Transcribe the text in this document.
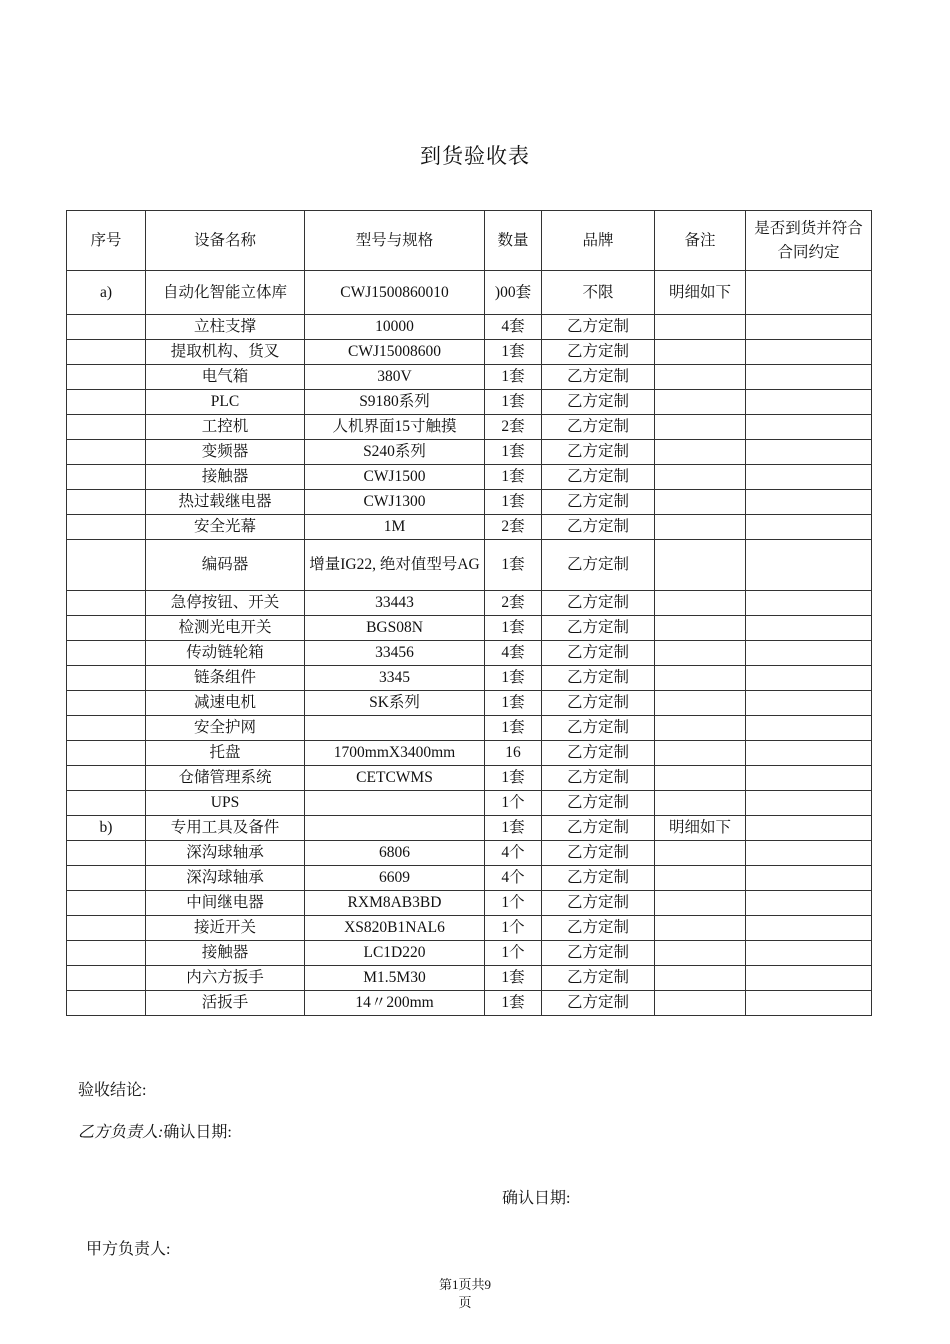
到货验收表
序号	设备名称	型号与规格	数量	品牌	备注	是否到货并符合合同约定
a)	自动化智能立体库	CWJ1500860010	)00套	不限	明细如下	
	立柱支撑	10000	4套	乙方定制		
	提取机构、货叉	CWJ15008600	1套	乙方定制		
	电气箱	380V	1套	乙方定制		
	PLC	S9180系列	1套	乙方定制		
	工控机	人机界面15寸触摸	2套	乙方定制		
	变频器	S240系列	1套	乙方定制		
	接触器	CWJ1500	1套	乙方定制		
	热过载继电器	CWJ1300	1套	乙方定制		
	安全光幕	1M	2套	乙方定制		
	编码器	增量IG22, 绝对值型号AG	1套	乙方定制		
	急停按钮、开关	33443	2套	乙方定制		
	检测光电开关	BGS08N	1套	乙方定制		
	传动链轮箱	33456	4套	乙方定制		
	链条组件	3345	1套	乙方定制		
	减速电机	SK系列	1套	乙方定制		
	安全护网		1套	乙方定制		
	托盘	1700mmX3400mm	16	乙方定制		
	仓储管理系统	CETCWMS	1套	乙方定制		
	UPS		1个	乙方定制		
b)	专用工具及备件		1套	乙方定制	明细如下	
	深沟球轴承	6806	4个	乙方定制		
	深沟球轴承	6609	4个	乙方定制		
	中间继电器	RXM8AB3BD	1个	乙方定制		
	接近开关	XS820B1NAL6	1个	乙方定制		
	接触器	LC1D220	1个	乙方定制		
	内六方扳手	M1.5M30	1套	乙方定制		
	活扳手	14〃200mm	1套	乙方定制		
验收结论:
乙方负责人:确认日期:
确认日期:
甲方负责人:
第1页共9
页
